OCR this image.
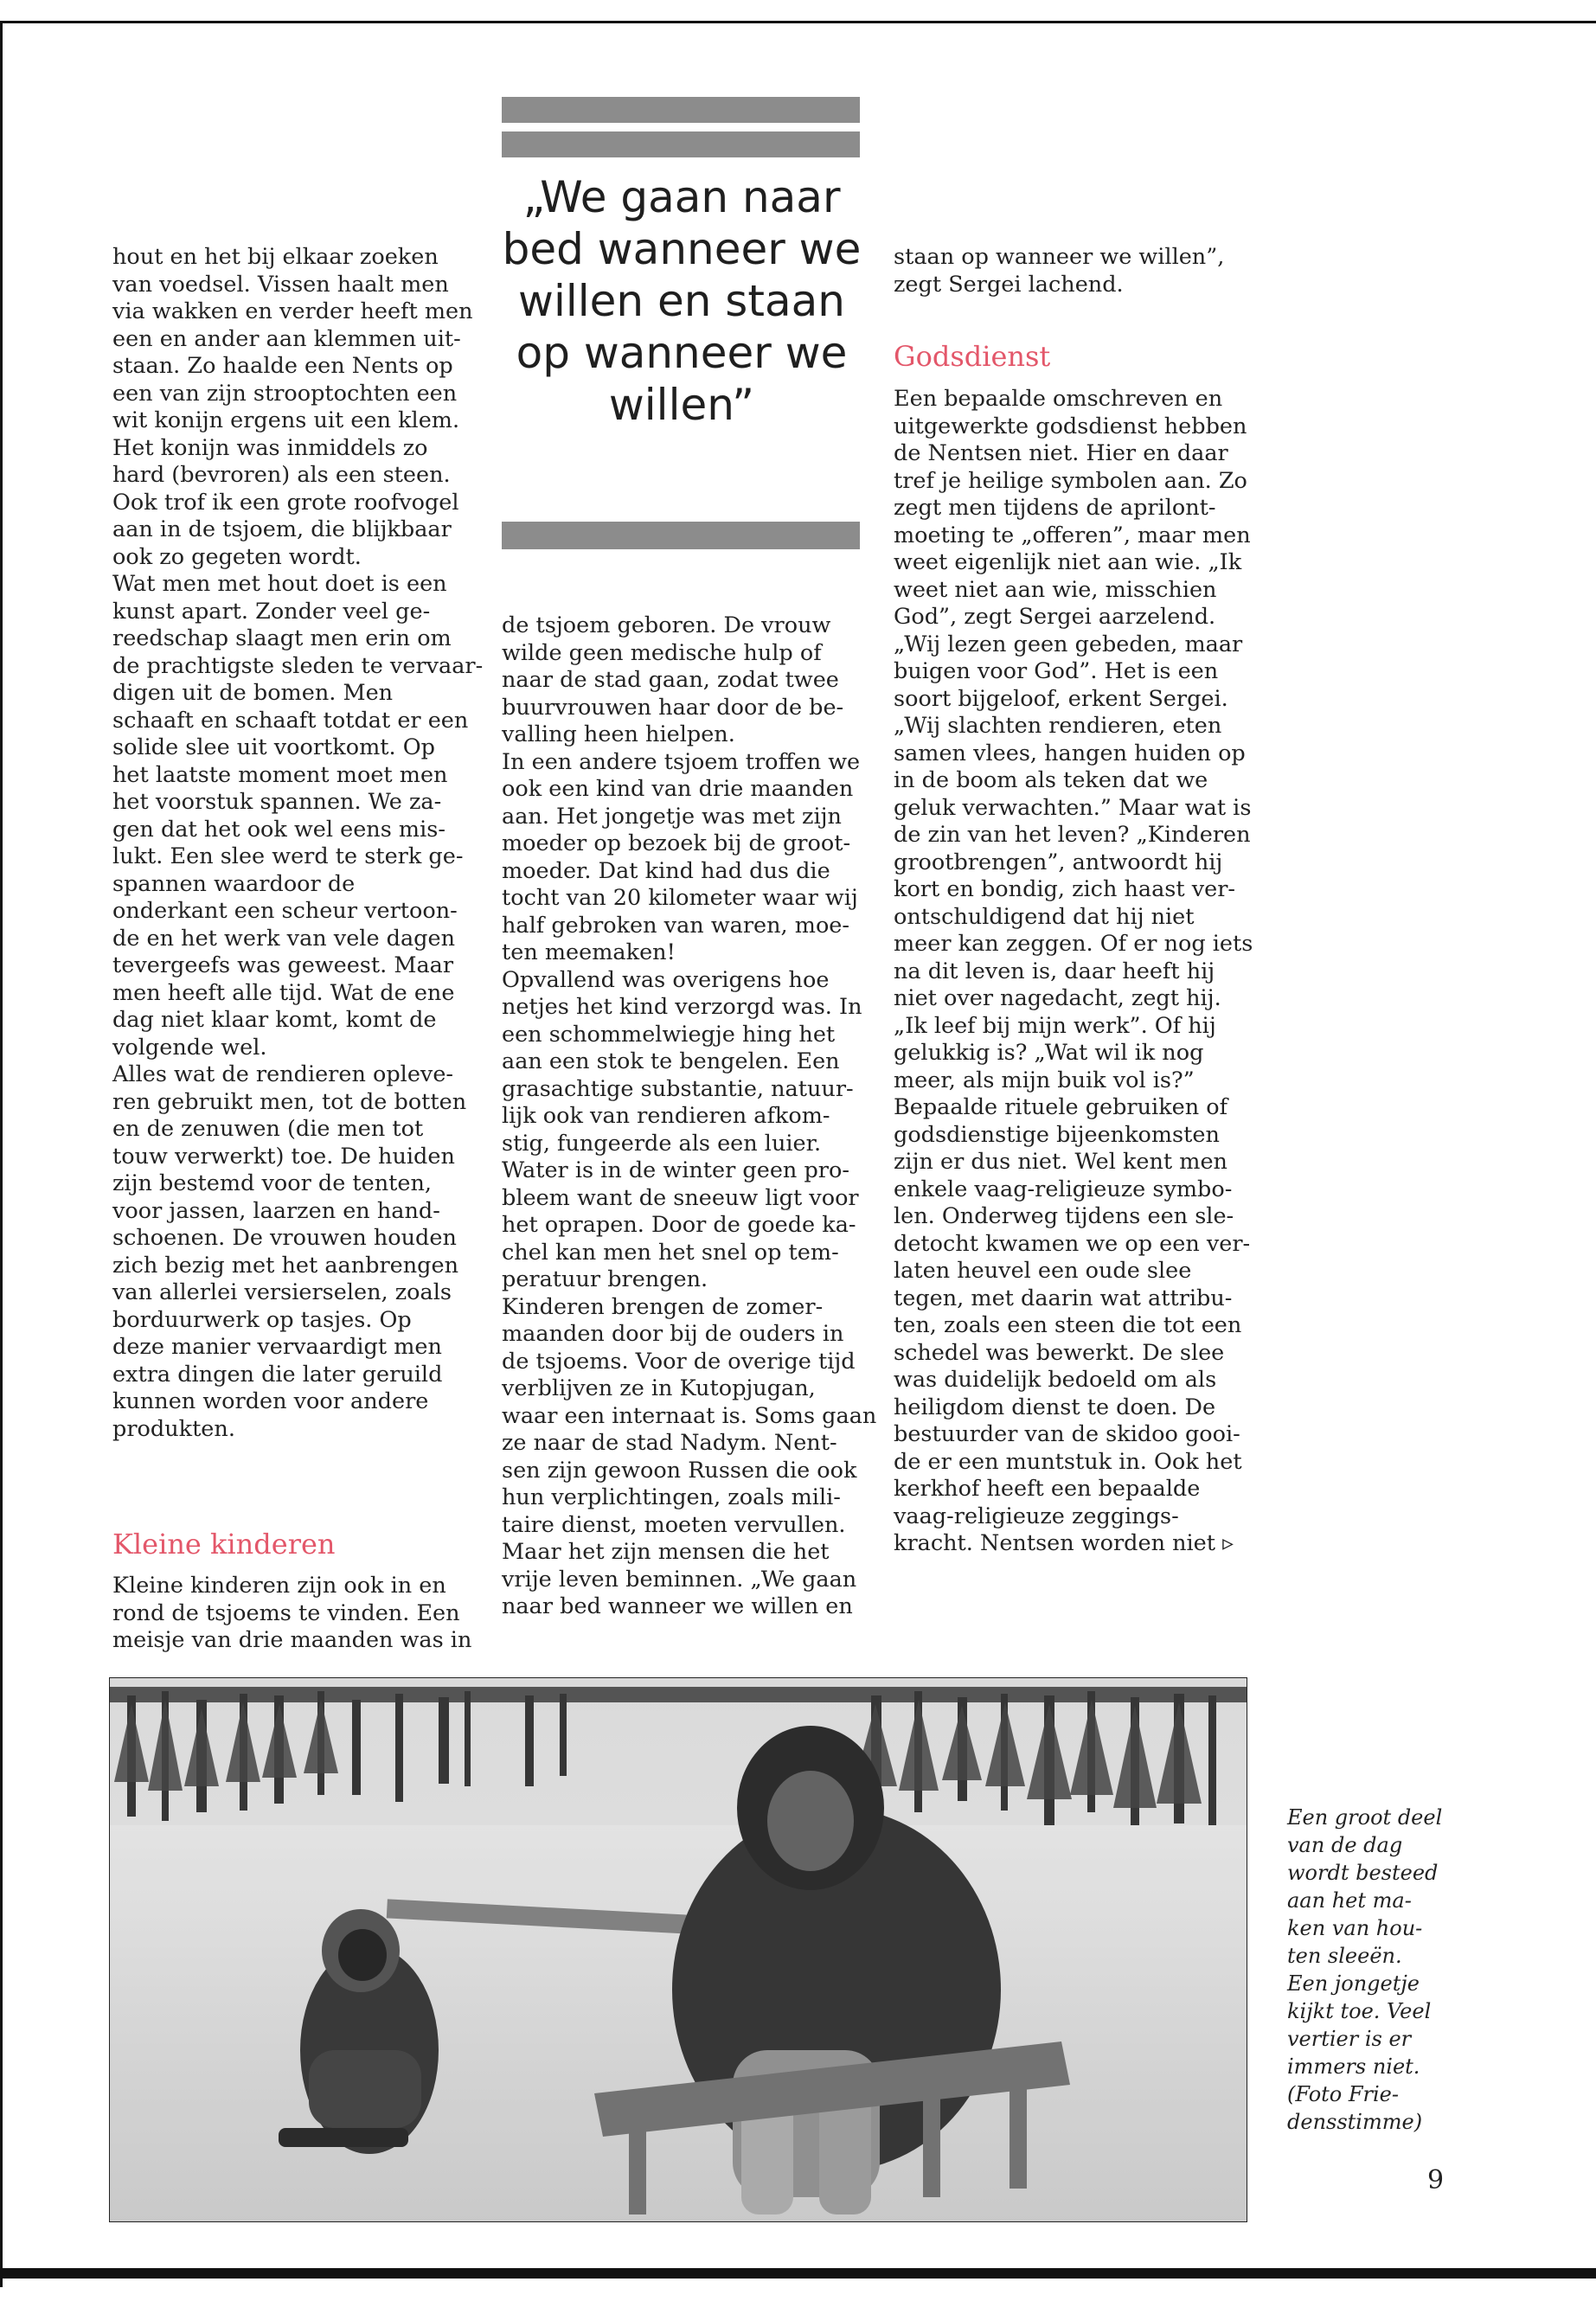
„We gaan naar bed wanneer we willen en staan op wanneer we willen”
hout en het bij elkaar zoeken
van voedsel. Vissen haalt men
via wakken en verder heeft men
een en ander aan klemmen uit-
staan. Zo haalde een Nents op
een van zijn strooptochten een
wit konijn ergens uit een klem.
Het konijn was inmiddels zo
hard (bevroren) als een steen.
Ook trof ik een grote roofvogel
aan in de tsjoem, die blijkbaar
ook zo gegeten wordt.
Wat men met hout doet is een
kunst apart. Zonder veel ge-
reedschap slaagt men erin om
de prachtigste sleden te vervaar-
digen uit de bomen. Men
schaaft en schaaft totdat er een
solide slee uit voortkomt. Op
het laatste moment moet men
het voorstuk spannen. We za-
gen dat het ook wel eens mis-
lukt. Een slee werd te sterk ge-
spannen waardoor de
onderkant een scheur vertoon-
de en het werk van vele dagen
tevergeefs was geweest. Maar
men heeft alle tijd. Wat de ene
dag niet klaar komt, komt de
volgende wel.
Alles wat de rendieren opleve-
ren gebruikt men, tot de botten
en de zenuwen (die men tot
touw verwerkt) toe. De huiden
zijn bestemd voor de tenten,
voor jassen, laarzen en hand-
schoenen. De vrouwen houden
zich bezig met het aanbrengen
van allerlei versierselen, zoals
borduurwerk op tasjes. Op
deze manier vervaardigt men
extra dingen die later geruild
kunnen worden voor andere
produkten.
Kleine kinderen
Kleine kinderen zijn ook in en
rond de tsjoems te vinden. Een
meisje van drie maanden was in
de tsjoem geboren. De vrouw
wilde geen medische hulp of
naar de stad gaan, zodat twee
buurvrouwen haar door de be-
valling heen hielpen.
In een andere tsjoem troffen we
ook een kind van drie maanden
aan. Het jongetje was met zijn
moeder op bezoek bij de groot-
moeder. Dat kind had dus die
tocht van 20 kilometer waar wij
half gebroken van waren, moe-
ten meemaken!
Opvallend was overigens hoe
netjes het kind verzorgd was. In
een schommelwiegje hing het
aan een stok te bengelen. Een
grasachtige substantie, natuur-
lijk ook van rendieren afkom-
stig, fungeerde als een luier.
Water is in de winter geen pro-
bleem want de sneeuw ligt voor
het oprapen. Door de goede ka-
chel kan men het snel op tem-
peratuur brengen.
Kinderen brengen de zomer-
maanden door bij de ouders in
de tsjoems. Voor de overige tijd
verblijven ze in Kutopjugan,
waar een internaat is. Soms gaan
ze naar de stad Nadym. Nent-
sen zijn gewoon Russen die ook
hun verplichtingen, zoals mili-
taire dienst, moeten vervullen.
Maar het zijn mensen die het
vrije leven beminnen. „We gaan
naar bed wanneer we willen en
staan op wanneer we willen”,
zegt Sergei lachend.
Godsdienst
Een bepaalde omschreven en
uitgewerkte godsdienst hebben
de Nentsen niet. Hier en daar
tref je heilige symbolen aan. Zo
zegt men tijdens de aprilont-
moeting te „offeren”, maar men
weet eigenlijk niet aan wie. „Ik
weet niet aan wie, misschien
God”, zegt Sergei aarzelend.
„Wij lezen geen gebeden, maar
buigen voor God”. Het is een
soort bijgeloof, erkent Sergei.
„Wij slachten rendieren, eten
samen vlees, hangen huiden op
in de boom als teken dat we
geluk verwachten.” Maar wat is
de zin van het leven? „Kinderen
grootbrengen”, antwoordt hij
kort en bondig, zich haast ver-
ontschuldigend dat hij niet
meer kan zeggen. Of er nog iets
na dit leven is, daar heeft hij
niet over nagedacht, zegt hij.
„Ik leef bij mijn werk”. Of hij
gelukkig is? „Wat wil ik nog
meer, als mijn buik vol is?”
Bepaalde rituele gebruiken of
godsdienstige bijeenkomsten
zijn er dus niet. Wel kent men
enkele vaag-religieuze symbo-
len. Onderweg tijdens een sle-
detocht kwamen we op een ver-
laten heuvel een oude slee
tegen, met daarin wat attribu-
ten, zoals een steen die tot een
schedel was bewerkt. De slee
was duidelijk bedoeld om als
heiligdom dienst te doen. De
bestuurder van de skidoo gooi-
de er een muntstuk in. Ook het
kerkhof heeft een bepaalde
vaag-religieuze zeggings-
kracht. Nentsen worden niet ▹
Een groot deel
van de dag
wordt besteed
aan het ma-
ken van hou-
ten sleeën.
Een jongetje
kijkt toe. Veel
vertier is er
immers niet.
(Foto Frie-
densstimme)
9
